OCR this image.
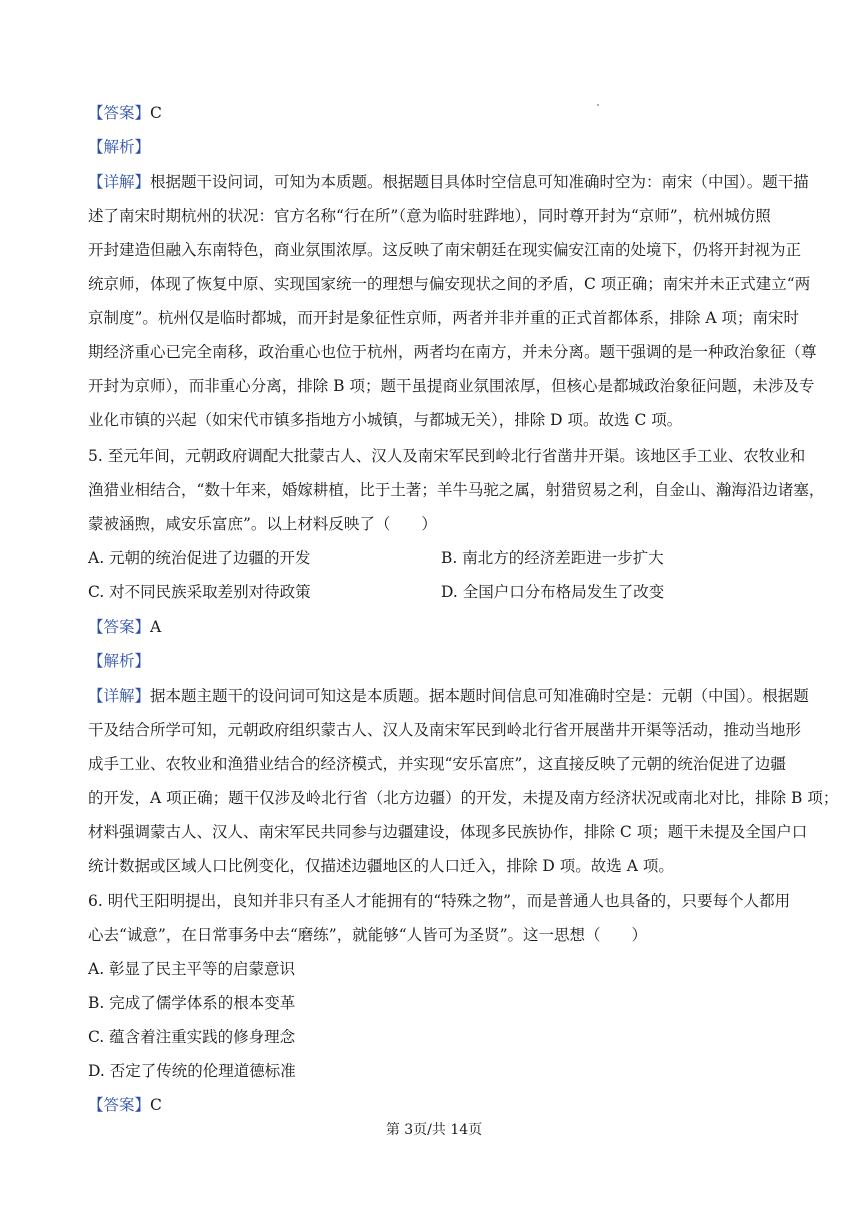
【答案】C
【解析】
【详解】根据题干设问词，可知为本质题。根据题目具体时空信息可知准确时空为：南宋（中国）。题干描
述了南宋时期杭州的状况：官方名称“行在所”（意为临时驻跸地），同时尊开封为“京师”，杭州城仿照
开封建造但融入东南特色，商业氛围浓厚。这反映了南宋朝廷在现实偏安江南的处境下，仍将开封视为正
统京师，体现了恢复中原、实现国家统一的理想与偏安现状之间的矛盾，C 项正确；南宋并未正式建立“两
京制度”。杭州仅是临时都城，而开封是象征性京师，两者并非并重的正式首都体系，排除 A 项；南宋时
期经济重心已完全南移，政治重心也位于杭州，两者均在南方，并未分离。题干强调的是一种政治象征（尊
开封为京师），而非重心分离，排除 B 项；题干虽提商业氛围浓厚，但核心是都城政治象征问题，未涉及专
业化市镇的兴起（如宋代市镇多指地方小城镇，与都城无关），排除 D 项。故选 C 项。
5. 至元年间，元朝政府调配大批蒙古人、汉人及南宋军民到岭北行省凿井开渠。该地区手工业、农牧业和
渔猎业相结合，“数十年来，婚嫁耕植，比于土著；羊牛马驼之属，射猎贸易之利，自金山、瀚海沿边诸塞，
蒙被涵煦，咸安乐富庶”。以上材料反映了（　　）
A. 元朝的统治促进了边疆的开发	B. 南北方的经济差距进一步扩大
C. 对不同民族采取差别对待政策	D. 全国户口分布格局发生了改变
【答案】A
【解析】
【详解】据本题主题干的设问词可知这是本质题。据本题时间信息可知准确时空是：元朝（中国）。根据题
干及结合所学可知，元朝政府组织蒙古人、汉人及南宋军民到岭北行省开展凿井开渠等活动，推动当地形
成手工业、农牧业和渔猎业结合的经济模式，并实现“安乐富庶”，这直接反映了元朝的统治促进了边疆
的开发，A 项正确；题干仅涉及岭北行省（北方边疆）的开发，未提及南方经济状况或南北对比，排除 B 项；
材料强调蒙古人、汉人、南宋军民共同参与边疆建设，体现多民族协作，排除 C 项；题干未提及全国户口
统计数据或区域人口比例变化，仅描述边疆地区的人口迁入，排除 D 项。故选 A 项。
6. 明代王阳明提出，良知并非只有圣人才能拥有的“特殊之物”，而是普通人也具备的，只要每个人都用
心去“诚意”，在日常事务中去“磨练”，就能够“人皆可为圣贤”。这一思想（　　）
A. 彰显了民主平等的启蒙意识
B. 完成了儒学体系的根本变革
C. 蕴含着注重实践的修身理念
D. 否定了传统的伦理道德标准
【答案】C
第 3页/共 14页
